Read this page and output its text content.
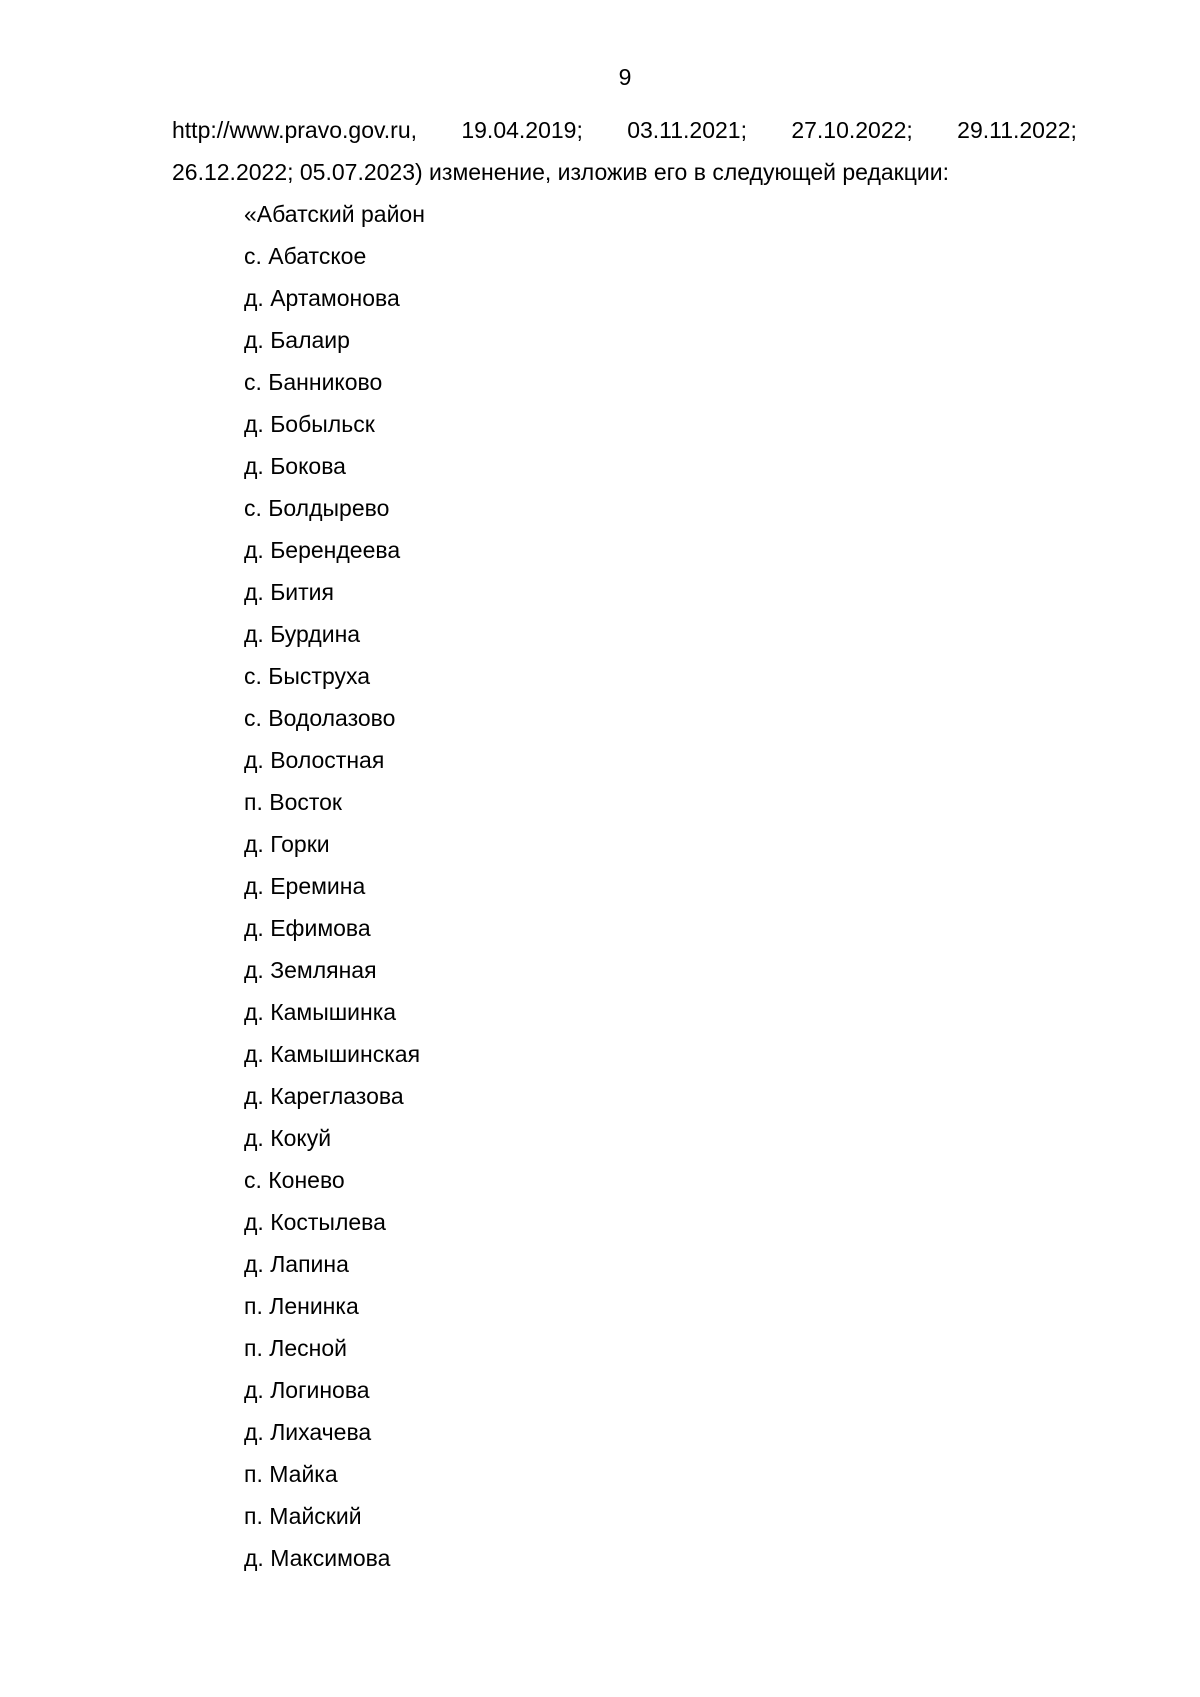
9
http://www.pravo.gov.ru, 19.04.2019; 03.11.2021; 27.10.2022; 29.11.2022;
26.12.2022; 05.07.2023) изменение, изложив его в следующей редакции:
«Абатский район
с. Абатское
д. Артамонова
д. Балаир
с. Банниково
д. Бобыльск
д. Бокова
с. Болдырево
д. Берендеева
д. Бития
д. Бурдина
с. Быструха
с. Водолазово
д. Волостная
п. Восток
д. Горки
д. Еремина
д. Ефимова
д. Земляная
д. Камышинка
д. Камышинская
д. Кареглазова
д. Кокуй
с. Конево
д. Костылева
д. Лапина
п. Ленинка
п. Лесной
д. Логинова
д. Лихачева
п. Майка
п. Майский
д. Максимова
